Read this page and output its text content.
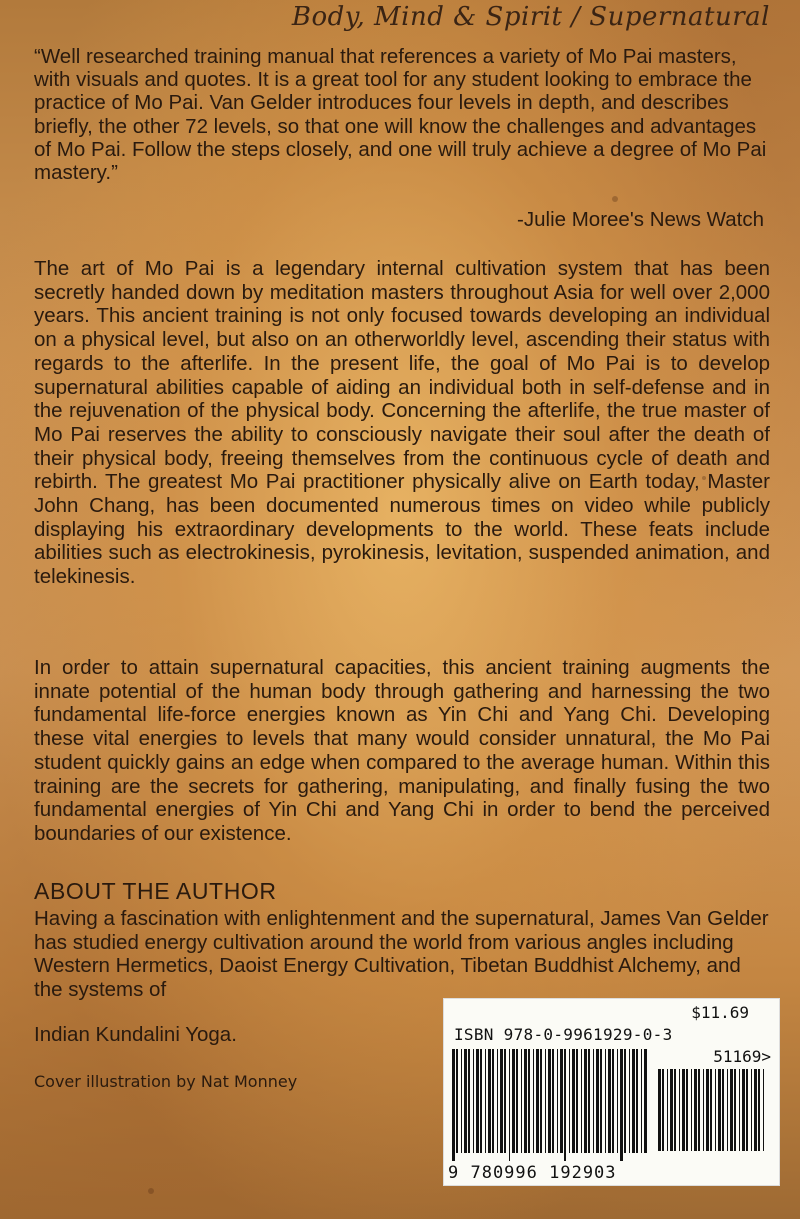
Body, Mind & Spirit / Supernatural
“Well researched training manual that references a variety of Mo Pai masters, with visuals and quotes. It is a great tool for any student looking to embrace the practice of Mo Pai. Van Gelder introduces four levels in depth, and describes briefly, the other 72 levels, so that one will know the challenges and advantages of Mo Pai. Follow the steps closely, and one will truly achieve a degree of Mo Pai mastery.”
-Julie Moree's News Watch

The art of Mo Pai is a legendary internal cultivation system that has been secretly handed down by meditation masters throughout Asia for well over 2,000 years. This ancient training is not only focused towards developing an individual on a physical level, but also on an otherworldly level, ascending their status with regards to the afterlife. In the present life, the goal of Mo Pai is to develop supernatural abilities capable of aiding an individual both in self-defense and in the rejuvenation of the physical body. Concerning the afterlife, the true master of Mo Pai reserves the ability to consciously navigate their soul after the death of their physical body, freeing themselves from the continuous cycle of death and rebirth. The greatest Mo Pai practitioner physically alive on Earth today, Master John Chang, has been documented numerous times on video while publicly displaying his extraordinary developments to the world. These feats include abilities such as electrokinesis, pyrokinesis, levitation, suspended animation, and telekinesis.

In order to attain supernatural capacities, this ancient training augments the innate potential of the human body through gathering and harnessing the two fundamental life-force energies known as Yin Chi and Yang Chi. Developing these vital energies to levels that many would consider unnatural, the Mo Pai student quickly gains an edge when compared to the average human. Within this training are the secrets for gathering, manipulating, and finally fusing the two fundamental energies of Yin Chi and Yang Chi in order to bend the perceived boundaries of our existence.

ABOUT THE AUTHOR

Having a fascination with enlightenment and the supernatural, James Van Gelder has studied energy cultivation around the world from various angles including Western Hermetics, Daoist Energy Cultivation, Tibetan Buddhist Alchemy, and the systems of

Indian Kundalini Yoga.
Cover illustration by Nat Monney
$11.69
ISBN 978-0-9961929-0-3
51169>
9 780996 192903
